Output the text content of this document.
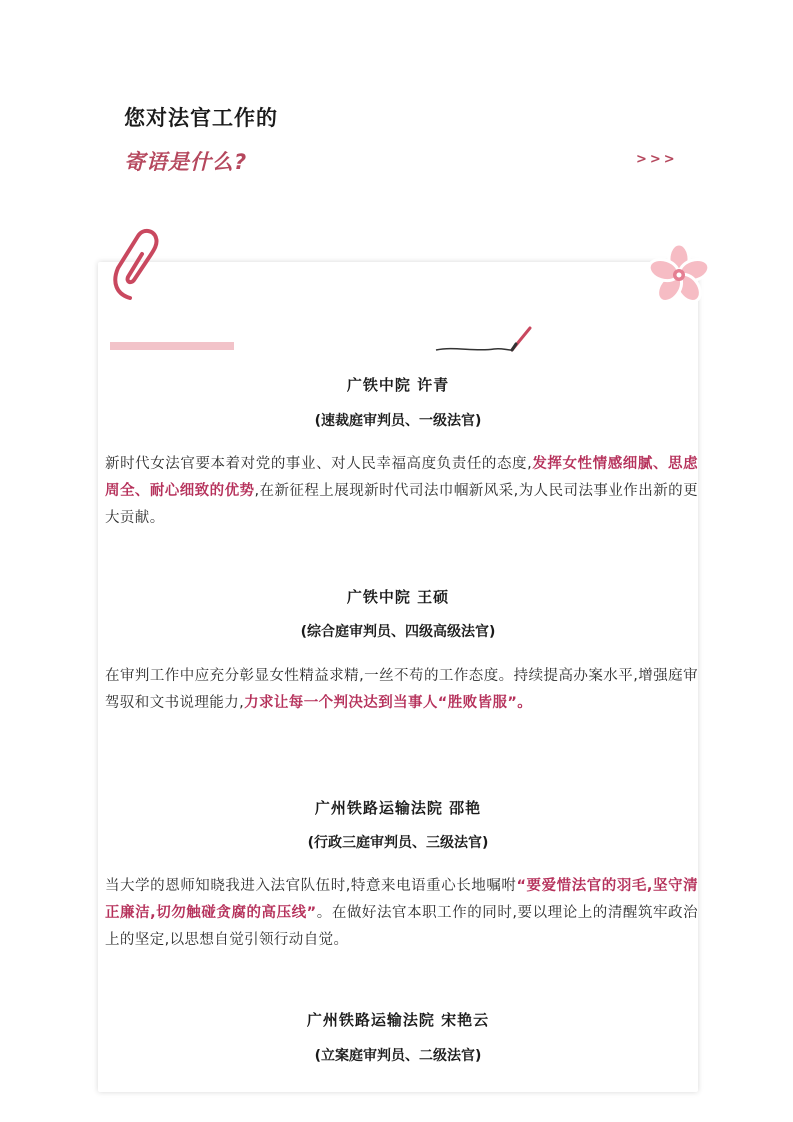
您对法官工作的
寄语是什么?	>>>
广铁中院 许青
(速裁庭审判员、一级法官)
新时代女法官要本着对党的事业、对人民幸福高度负责任的态度,发挥女性情感细腻、思虑周全、耐心细致的优势,在新征程上展现新时代司法巾帼新风采,为人民司法事业作出新的更大贡献。
广铁中院 王硕
(综合庭审判员、四级高级法官)
在审判工作中应充分彰显女性精益求精,一丝不苟的工作态度。持续提高办案水平,增强庭审驾驭和文书说理能力,力求让每一个判决达到当事人“胜败皆服”。
广州铁路运输法院 邵艳
(行政三庭审判员、三级法官)
当大学的恩师知晓我进入法官队伍时,特意来电语重心长地嘱咐“要爱惜法官的羽毛,坚守清正廉洁,切勿触碰贪腐的高压线”。在做好法官本职工作的同时,要以理论上的清醒筑牢政治上的坚定,以思想自觉引领行动自觉。
广州铁路运输法院 宋艳云
(立案庭审判员、二级法官)
